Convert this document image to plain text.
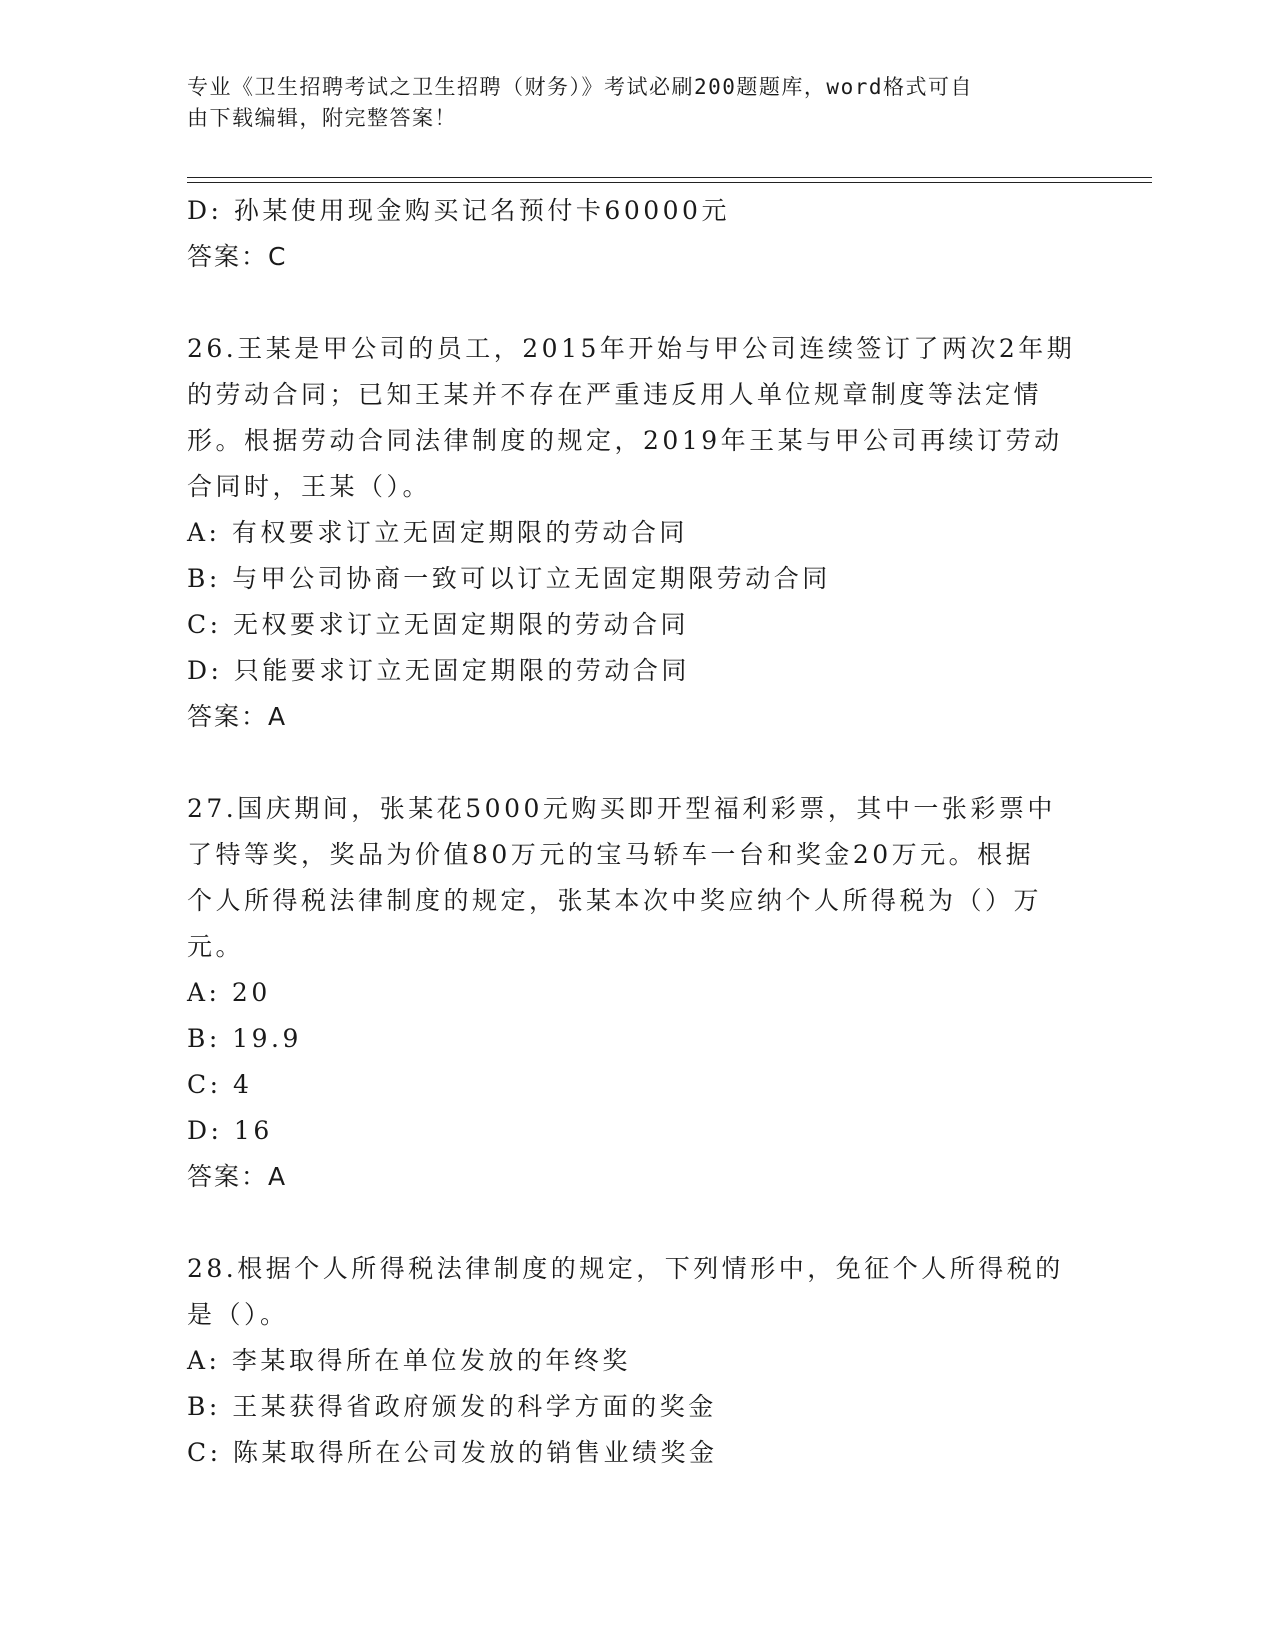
专业《卫生招聘考试之卫生招聘（财务）》考试必刷200题题库，word格式可自
由下载编辑，附完整答案！
D: 孙某使用现金购买记名预付卡60000元
答案：C
26.王某是甲公司的员工，2015年开始与甲公司连续签订了两次2年期
的劳动合同；已知王某并不存在严重违反用人单位规章制度等法定情
形。根据劳动合同法律制度的规定，2019年王某与甲公司再续订劳动
合同时，王某（）。
A: 有权要求订立无固定期限的劳动合同
B: 与甲公司协商一致可以订立无固定期限劳动合同
C: 无权要求订立无固定期限的劳动合同
D: 只能要求订立无固定期限的劳动合同
答案：A
27.国庆期间，张某花5000元购买即开型福利彩票，其中一张彩票中
了特等奖，奖品为价值80万元的宝马轿车一台和奖金20万元。根据
个人所得税法律制度的规定，张某本次中奖应纳个人所得税为（）万
元。
A: 20
B: 19.9
C: 4
D: 16
答案：A
28.根据个人所得税法律制度的规定，下列情形中，免征个人所得税的
是（）。
A: 李某取得所在单位发放的年终奖
B: 王某获得省政府颁发的科学方面的奖金
C: 陈某取得所在公司发放的销售业绩奖金
